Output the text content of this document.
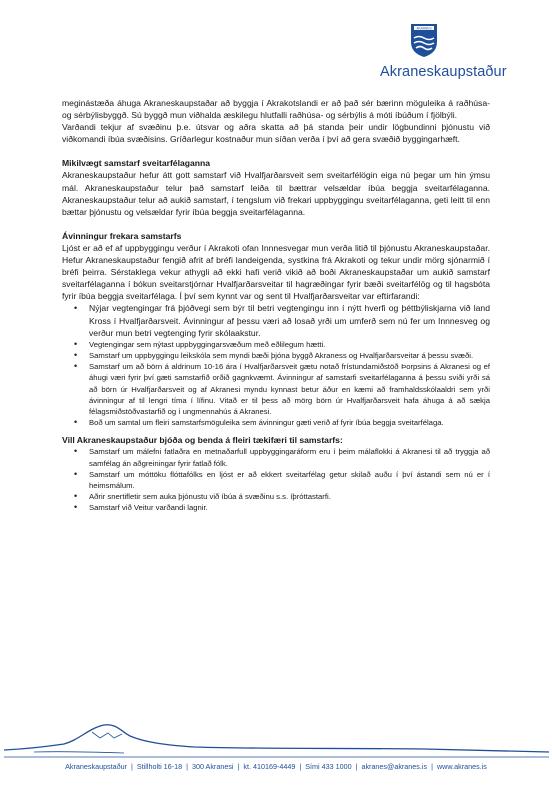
AKRANES
Akraneskaupstaður

meginástæða áhuga Akraneskaupstaðar að byggja í Akrakotslandi er að það sér bærinn möguleika á raðhúsa- og sérbýlisbyggð. Sú byggð mun viðhalda æskilegu hlutfalli raðhúsa- og sérbýlis á móti íbúðum í fjölbýli.

Varðandi tekjur af svæðinu þ.e. útsvar og aðra skatta að þá standa þeir undir lögbundinni þjónustu við viðkomandi íbúa svæðisins. Gríðarlegur kostnaður mun síðan verða í því að gera svæðið byggingarhæft.

Mikilvægt samstarf sveitarfélaganna

Akraneskaupstaður hefur átt gott samstarf við Hvalfjarðarsveit sem sveitarfélögin eiga nú þegar um hin ýmsu mál. Akraneskaupstaður telur það samstarf leiða til bættrar velsældar íbúa beggja sveitarfélaganna. Akraneskaupstaður telur að aukið samstarf, í tengslum við frekari uppbyggingu sveitarfélaganna, geti leitt til enn bættar þjónustu og velsældar fyrir íbúa beggja sveitarfélaganna.

Ávinningur frekara samstarfs

Ljóst er að ef af uppbyggingu verður í Akrakoti ofan Innnesvegar mun verða litið til þjónustu Akraneskaupstaðar. Hefur Akraneskaupstaður fengið afrit af bréfi landeigenda, systkina frá Akrakoti og tekur undir mörg sjónarmið í bréfi þeirra. Sérstaklega vekur athygli að ekki hafi verið vikið að boði Akraneskaupstaðar um aukið samstarf sveitarfélaganna í bókun sveitarstjórnar Hvalfjarðarsveitar til hagræðingar fyrir bæði sveitarfélög og til hagsbóta fyrir íbúa beggja sveitarfélaga. Í því sem kynnt var og sent til Hvalfjarðarsveitar var eftirfarandi:

• Nýjar vegtengingar frá þjóðvegi sem býr til betri vegtengingu inn í nýtt hverfi og þéttbýliskjarna við land Kross í Hvalfjarðarsveit. Ávinningur af þessu væri að losað yrði um umferð sem nú fer um Innnesveg og verður mun betri vegtenging fyrir skólaakstur.
• Vegtengingar sem nýtast uppbyggingarsvæðum með eðlilegum hætti.
• Samstarf um uppbyggingu leikskóla sem myndi bæði þjóna byggð Akraness og Hvalfjarðarsveitar á þessu svæði.
• Samstarf um að börn á aldrinum 10-16 ára í Hvalfjarðarsveit gætu notað frístundamiðstöð Þorpsins á Akranesi og ef áhugi væri fyrir því gæti samstarfið orðið gagnkvæmt. Ávinningur af samstarfi sveitarfélaganna á þessu sviði yrði sá að börn úr Hvalfjarðarsveit og af Akranesi myndu kynnast betur áður en kæmi að framhaldsskólaaldri sem yrði ávinningur af til lengri tíma í lífinu. Vitað er til þess að mörg börn úr Hvalfjarðarsveit hafa áhuga á að sækja félagsmiðstöðvastarfið og í ungmennahús á Akranesi.
• Boð um samtal um fleiri samstarfsmöguleika sem ávinningur gæti verið af fyrir íbúa beggja sveitarfélaga.
Vill Akraneskaupstaður bjóða og benda á fleiri tækifæri til samstarfs:
• Samstarf um málefni fatlaðra en metnaðarfull uppbyggingaráform eru í þeim málaflokki á Akranesi til að tryggja að samfélag án aðgreiningar fyrir fatlað fólk.
• Samstarf um móttöku flóttafólks en ljóst er að ekkert sveitarfélag getur skilað auðu í því ástandi sem nú er í heimsmálum.
• Aðrir snertifletir sem auka þjónustu við íbúa á svæðinu s.s. íþróttastarfi.
• Samstarf við Veitur varðandi lagnir.
Akraneskaupstaður | Stillholti 16-18 | 300 Akranesi | kt. 410169-4449 | Sími 433 1000 | akranes@akranes.is | www.akranes.is
